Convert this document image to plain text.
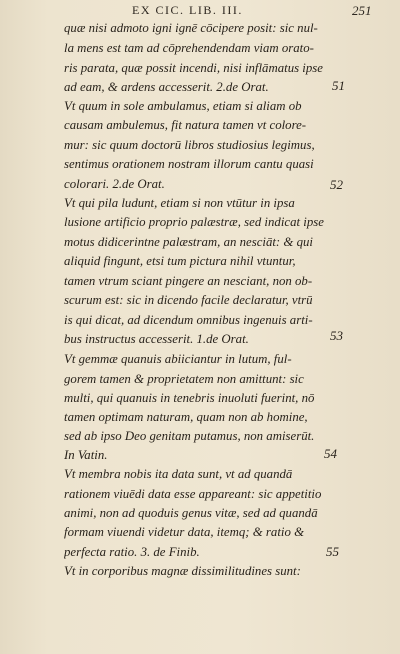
EX CIC. LIB. III.	251
quæ nisi admoto igni ignē cōcipere posit: sic nul-
la mens est tam ad cōprehendendam viam orato-
ris parata, quæ possit incendi, nisi inflāmatus ipse
ad eam, & ardens accesserit. 2.de Orat.	51
Vt quum in sole ambulamus, etiam si aliam ob
causam ambulemus, fit natura tamen vt colore-
mur: sic quum doctorū libros studiosius legimus,
sentimus orationem nostram illorum cantu quasi
colorari. 2.de Orat.	52
Vt qui pila ludunt, etiam si non vtūtur in ipsa
lusione artificio proprio palæstræ, sed indicat ipse
motus didicerintne palæstram, an nesciāt: & qui
aliquid fingunt, etsi tum pictura nihil vtuntur,
tamen vtrum sciant pingere an nesciant, non ob-
scurum est: sic in dicendo facile declaratur, vtrū
is qui dicat, ad dicendum omnibus ingenuis arti-
bus instructus accesserit. 1.de Orat.	53
Vt gemmæ quanuis abiiciantur in lutum, ful-
gorem tamen & proprietatem non amittunt: sic
multi, qui quanuis in tenebris inuoluti fuerint, nō
tamen optimam naturam, quam non ab homine,
sed ab ipso Deo genitam putamus, non amiserūt.
In Vatin.	54
Vt membra nobis ita data sunt, vt ad quandā
rationem viuēdi data esse appareant: sic appetitio
animi, non ad quoduis genus vitæ, sed ad quandā
formam viuendi videtur data, itemq; & ratio &
perfecta ratio. 3. de Finib.	55
Vt in corporibus magnæ dissimilitudines sunt:
